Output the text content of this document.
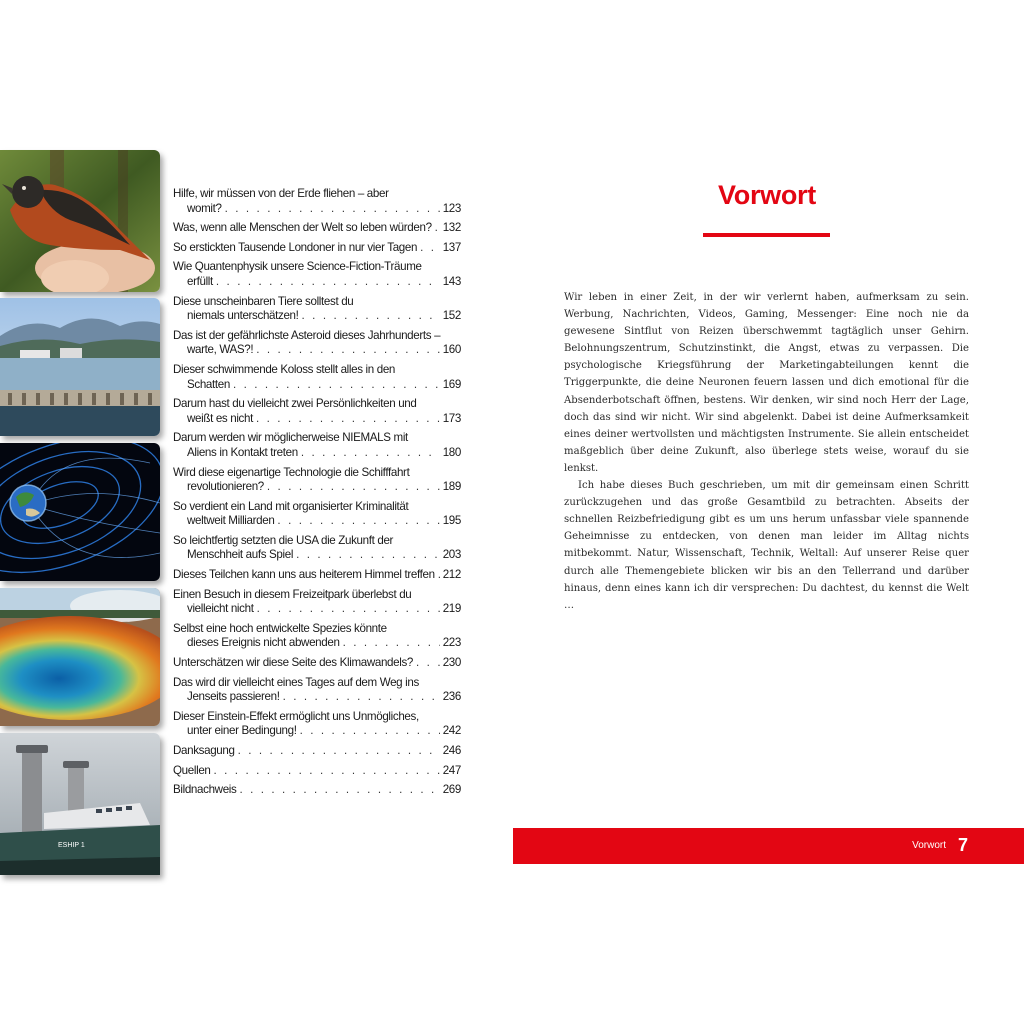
ESHIP 1
Hilfe, wir müssen von der Erde fliehen – aber
womit? . . .	123
Was, wenn alle Menschen der Welt so leben würden? . . . 132
So erstickten Tausende Londoner in nur vier Tagen . . . 137
Wie Quantenphysik unsere Science-Fiction-Träume
erfüllt . . .	143
Diese unscheinbaren Tiere solltest du
niemals unterschätzen! . . .	152
Das ist der gefährlichste Asteroid dieses Jahrhunderts –
warte, WAS?! . . .	160
Dieser schwimmende Koloss stellt alles in den
Schatten . . .	169
Darum hast du vielleicht zwei Persönlichkeiten und
weißt es nicht . . .	173
Darum werden wir möglicherweise NIEMALS mit
Aliens in Kontakt treten . . .	180
Wird diese eigenartige Technologie die Schifffahrt
revolutionieren? . . .	189
So verdient ein Land mit organisierter Kriminalität
weltweit Milliarden . . .	195
So leichtfertig setzten die USA die Zukunft der
Menschheit aufs Spiel . . .	203
Dieses Teilchen kann uns aus heiterem Himmel treffen . . . 212
Einen Besuch in diesem Freizeitpark überlebst du
vielleicht nicht . . .	219
Selbst eine hoch entwickelte Spezies könnte
dieses Ereignis nicht abwenden . . .	223
Unterschätzen wir diese Seite des Klimawandels? . . .	230
Das wird dir vielleicht eines Tages auf dem Weg ins
Jenseits passieren! . . .	236
Dieser Einstein-Effekt ermöglicht uns Unmögliches,
unter einer Bedingung! . . .	242
Danksagung . . .	246
Quellen . . .	247
Bildnachweis . . .	269
Vorwort

Wir leben in einer Zeit, in der wir verlernt haben, aufmerksam zu sein. Werbung, Nachrichten, Videos, Gaming, Messenger: Eine noch nie da gewesene Sintflut von Reizen überschwemmt tagtäglich unser Gehirn. Belohnungszentrum, Schutzinstinkt, die Angst, etwas zu verpassen. Die psychologische Kriegsführung der Marketingabteilungen kennt die Triggerpunkte, die deine Neuronen feuern lassen und dich emotional für die Absenderbotschaft öffnen, bestens. Wir denken, wir sind noch Herr der Lage, doch das sind wir nicht. Wir sind abgelenkt. Dabei ist deine Aufmerksamkeit eines deiner wertvollsten und mächtigsten Instrumente. Sie allein entscheidet maßgeblich über deine Zukunft, also überlege stets weise, worauf du sie lenkst.

Ich habe dieses Buch geschrieben, um mit dir gemeinsam einen Schritt zurückzugehen und das große Gesamtbild zu betrachten. Abseits der schnellen Reizbefriedigung gibt es um uns herum unfassbar viele spannende Geheimnisse zu entdecken, von denen man leider im Alltag nichts mitbekommt. Natur, Wissenschaft, Technik, Weltall: Auf unserer Reise quer durch alle Themengebiete blicken wir bis an den Tellerrand und darüber hinaus, denn eines kann ich dir versprechen: Du dachtest, du kennst die Welt …

Vorwort 7
